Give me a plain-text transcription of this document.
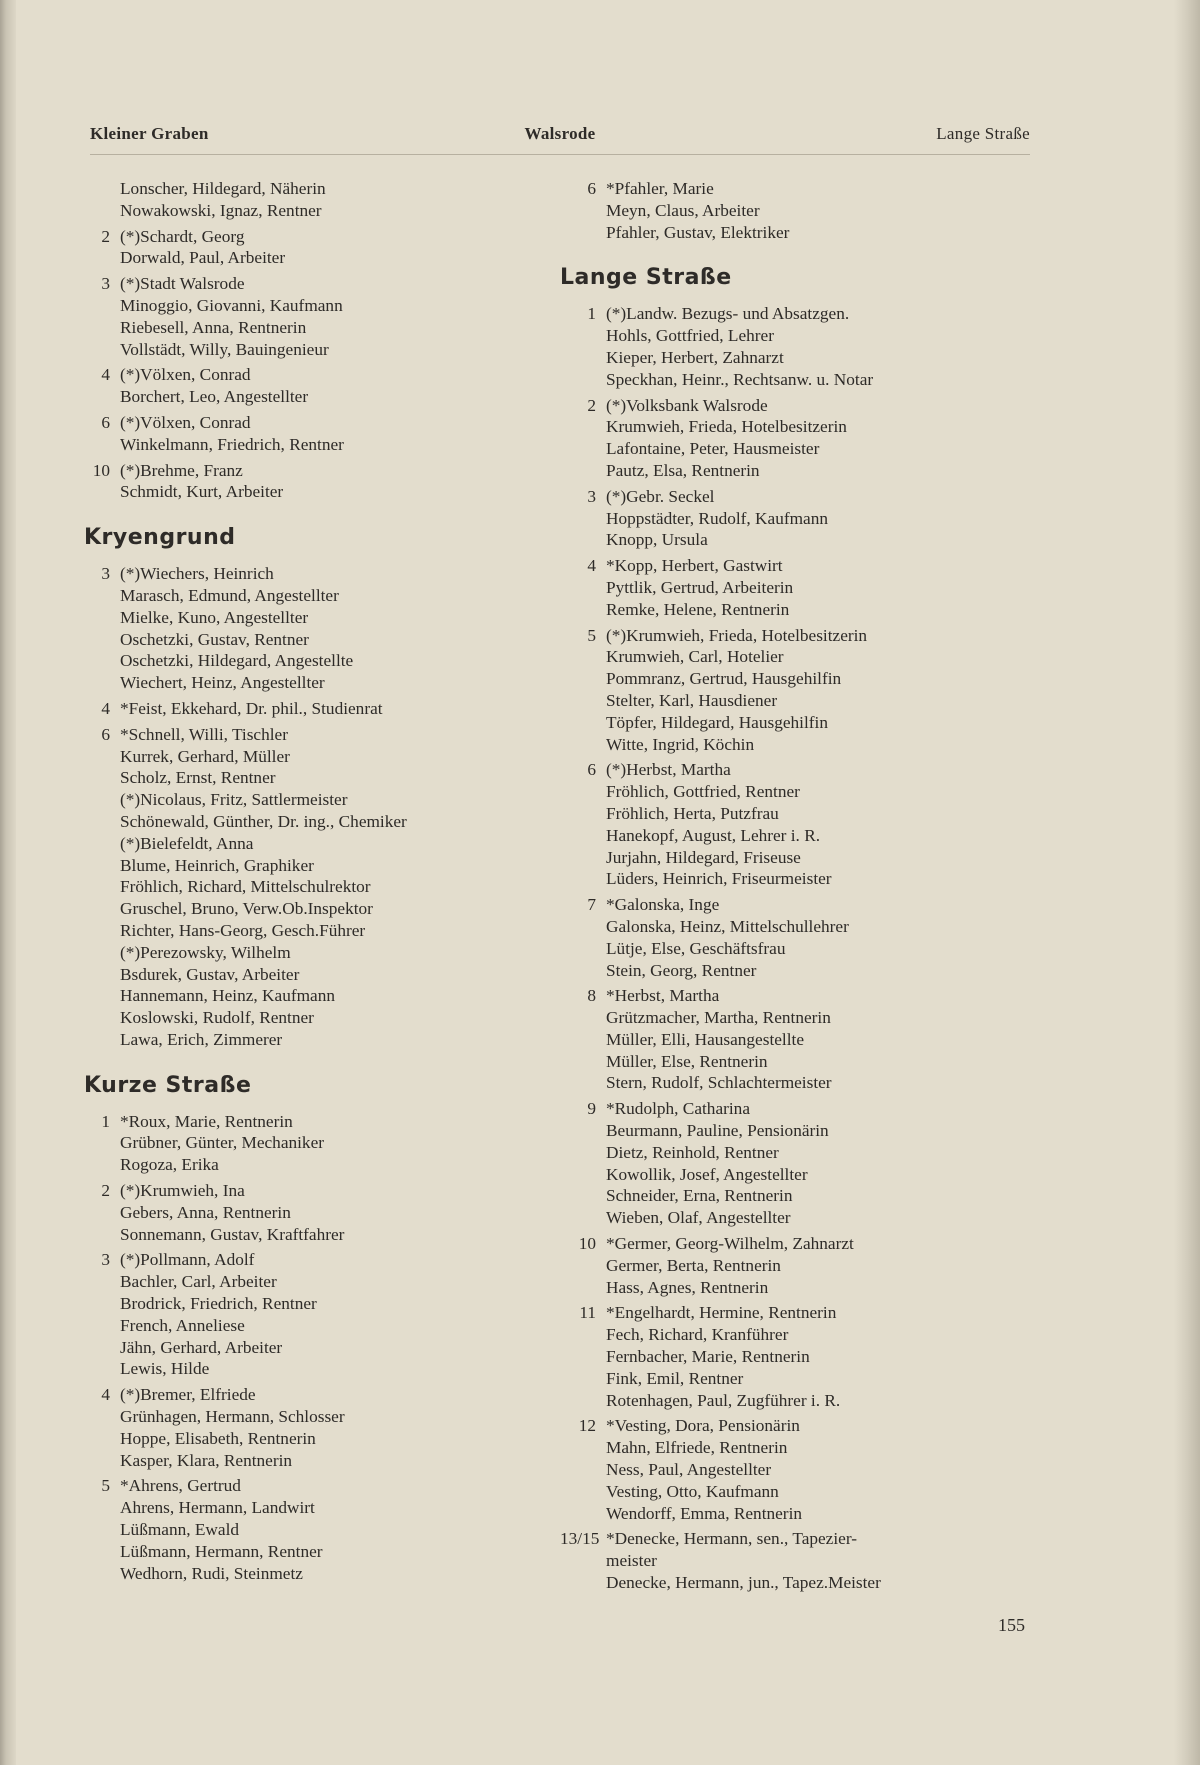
Walsrode
Kleiner Graben	Lange Straße
Lonscher, Hildegard, Näherin
Nowakowski, Ignaz, Rentner
2 (*)Schardt, Georg
Dorwald, Paul, Arbeiter
3 (*)Stadt Walsrode
Minoggio, Giovanni, Kaufmann
Riebesell, Anna, Rentnerin
Vollstädt, Willy, Bauingenieur
4 (*)Völxen, Conrad
Borchert, Leo, Angestellter
6 (*)Völxen, Conrad
Winkelmann, Friedrich, Rentner
10 (*)Brehme, Franz
Schmidt, Kurt, Arbeiter
Kryengrund
3 (*)Wiechers, Heinrich
Marasch, Edmund, Angestellter
Mielke, Kuno, Angestellter
Oschetzki, Gustav, Rentner
Oschetzki, Hildegard, Angestellte
Wiechert, Heinz, Angestellter
4 *Feist, Ekkehard, Dr. phil., Studienrat
6 *Schnell, Willi, Tischler
Kurrek, Gerhard, Müller
Scholz, Ernst, Rentner
(*)Nicolaus, Fritz, Sattlermeister
Schönewald, Günther, Dr. ing., Chemiker
(*)Bielefeldt, Anna
Blume, Heinrich, Graphiker
Fröhlich, Richard, Mittelschulrektor
Gruschel, Bruno, Verw.Ob.Inspektor
Richter, Hans-Georg, Gesch.Führer
(*)Perezowsky, Wilhelm
Bsdurek, Gustav, Arbeiter
Hannemann, Heinz, Kaufmann
Koslowski, Rudolf, Rentner
Lawa, Erich, Zimmerer
Kurze Straße
1 *Roux, Marie, Rentnerin
Grübner, Günter, Mechaniker
Rogoza, Erika
2 (*)Krumwieh, Ina
Gebers, Anna, Rentnerin
Sonnemann, Gustav, Kraftfahrer
3 (*)Pollmann, Adolf
Bachler, Carl, Arbeiter
Brodrick, Friedrich, Rentner
French, Anneliese
Jähn, Gerhard, Arbeiter
Lewis, Hilde
4 (*)Bremer, Elfriede
Grünhagen, Hermann, Schlosser
Hoppe, Elisabeth, Rentnerin
Kasper, Klara, Rentnerin
5 *Ahrens, Gertrud
Ahrens, Hermann, Landwirt
Lüßmann, Ewald
Lüßmann, Hermann, Rentner
Wedhorn, Rudi, Steinmetz
6 *Pfahler, Marie
Meyn, Claus, Arbeiter
Pfahler, Gustav, Elektriker
Lange Straße
1 (*)Landw. Bezugs- und Absatzgen.
Hohls, Gottfried, Lehrer
Kieper, Herbert, Zahnarzt
Speckhan, Heinr., Rechtsanw. u. Notar
2 (*)Volksbank Walsrode
Krumwieh, Frieda, Hotelbesitzerin
Lafontaine, Peter, Hausmeister
Pautz, Elsa, Rentnerin
3 (*)Gebr. Seckel
Hoppstädter, Rudolf, Kaufmann
Knopp, Ursula
4 *Kopp, Herbert, Gastwirt
Pyttlik, Gertrud, Arbeiterin
Remke, Helene, Rentnerin
5 (*)Krumwieh, Frieda, Hotelbesitzerin
Krumwieh, Carl, Hotelier
Pommranz, Gertrud, Hausgehilfin
Stelter, Karl, Hausdiener
Töpfer, Hildegard, Hausgehilfin
Witte, Ingrid, Köchin
6 (*)Herbst, Martha
Fröhlich, Gottfried, Rentner
Fröhlich, Herta, Putzfrau
Hanekopf, August, Lehrer i. R.
Jurjahn, Hildegard, Friseuse
Lüders, Heinrich, Friseurmeister
7 *Galonska, Inge
Galonska, Heinz, Mittelschullehrer
Lütje, Else, Geschäftsfrau
Stein, Georg, Rentner
8 *Herbst, Martha
Grützmacher, Martha, Rentnerin
Müller, Elli, Hausangestellte
Müller, Else, Rentnerin
Stern, Rudolf, Schlachtermeister
9 *Rudolph, Catharina
Beurmann, Pauline, Pensionärin
Dietz, Reinhold, Rentner
Kowollik, Josef, Angestellter
Schneider, Erna, Rentnerin
Wieben, Olaf, Angestellter
10 *Germer, Georg-Wilhelm, Zahnarzt
Germer, Berta, Rentnerin
Hass, Agnes, Rentnerin
11 *Engelhardt, Hermine, Rentnerin
Fech, Richard, Kranführer
Fernbacher, Marie, Rentnerin
Fink, Emil, Rentner
Rotenhagen, Paul, Zugführer i. R.
12 *Vesting, Dora, Pensionärin
Mahn, Elfriede, Rentnerin
Ness, Paul, Angestellter
Vesting, Otto, Kaufmann
Wendorff, Emma, Rentnerin
13/15 *Denecke, Hermann, sen., Tapezier-
meister
Denecke, Hermann, jun., Tapez.Meister
155
